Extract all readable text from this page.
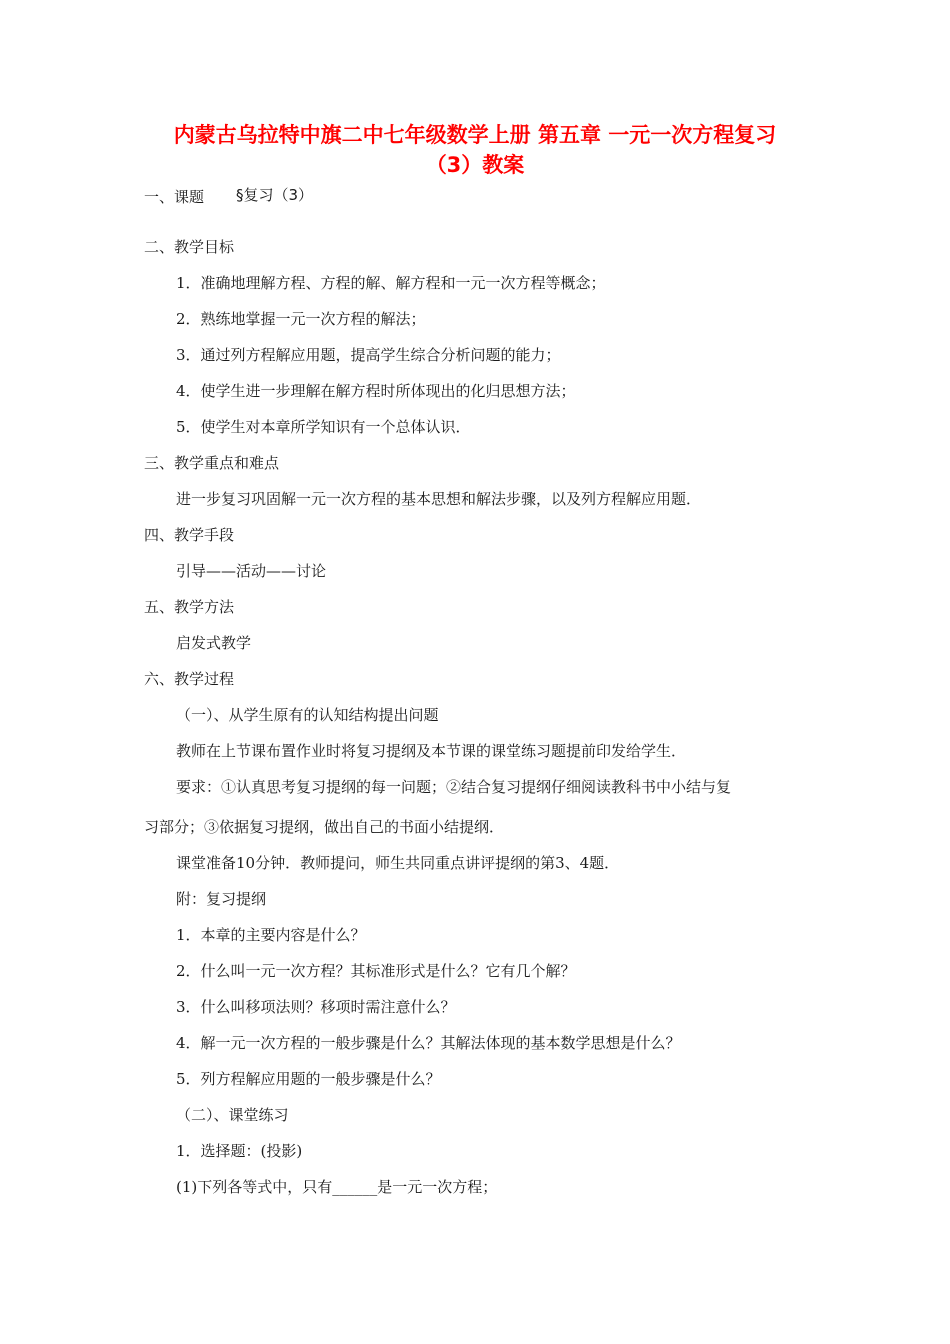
内蒙古乌拉特中旗二中七年级数学上册 第五章 一元一次方程复习
（3）教案
一、课题 §复习（3）
二、教学目标
1．准确地理解方程、方程的解、解方程和一元一次方程等概念；
2．熟练地掌握一元一次方程的解法；
3．通过列方程解应用题，提高学生综合分析问题的能力；
4．使学生进一步理解在解方程时所体现出的化归思想方法；
5．使学生对本章所学知识有一个总体认识．
三、教学重点和难点
进一步复习巩固解一元一次方程的基本思想和解法步骤，以及列方程解应用题．
四、教学手段
引导——活动——讨论
五、教学方法
启发式教学
六、教学过程
（一）、从学生原有的认知结构提出问题
教师在上节课布置作业时将复习提纲及本节课的课堂练习题提前印发给学生．
要求：①认真思考复习提纲的每一问题；②结合复习提纲仔细阅读教科书中小结与复
习部分；③依据复习提纲，做出自己的书面小结提纲．
课堂准备10分钟．教师提问，师生共同重点讲评提纲的第3、4题．
附：复习提纲
1．本章的主要内容是什么？
2．什么叫一元一次方程？其标准形式是什么？它有几个解？
3．什么叫移项法则？移项时需注意什么？
4．解一元一次方程的一般步骤是什么？其解法体现的基本数学思想是什么？
5．列方程解应用题的一般步骤是什么？
（二）、课堂练习
1．选择题：(投影)
(1)下列各等式中，只有______是一元一次方程；
